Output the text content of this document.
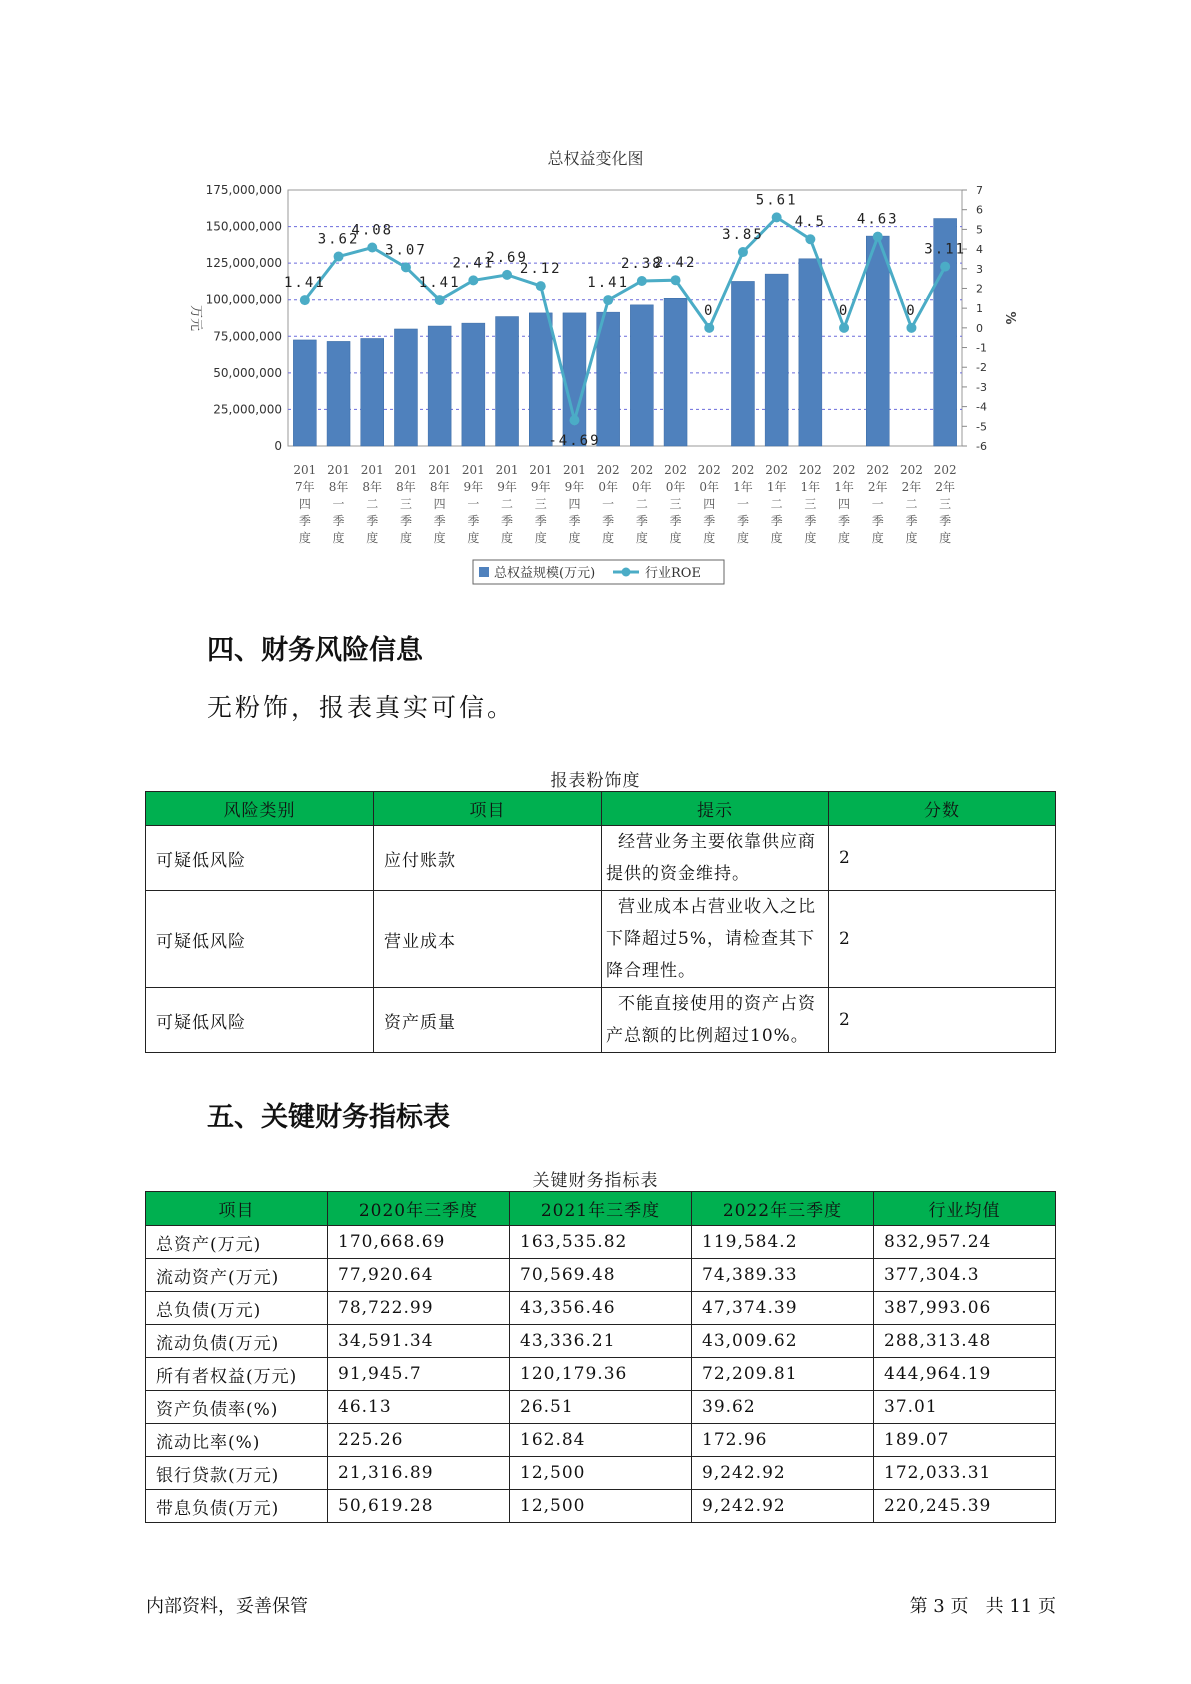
总权益变化图
175,000,000
150,000,000
125,000,000
100,000,000
75,000,000
50,000,000
25,000,000
0
7
6
5
4
3
2
1
0
-1
-2
-3
-4
-5
-6
万元	%
1.41
3.62
4.08
3.07
1.41
2.41
2.69
2.12
-4.69
1.41
2.38
2.42
0
3.85
5.61
4.5
0
4.63
0
3.11
201
7年
四
季
度
201
8年
一
季
度
201
8年
二
季
度
201
8年
三
季
度
201
8年
四
季
度
201
9年
一
季
度
201
9年
二
季
度
201
9年
三
季
度
201
9年
四
季
度
202
0年
一
季
度
202
0年
二
季
度
202
0年
三
季
度
202
0年
四
季
度
202
1年
一
季
度
202
1年
二
季
度
202
1年
三
季
度
202
1年
四
季
度
202
2年
一
季
度
202
2年
二
季
度
202
2年
三
季
度
总权益规模(万元)	行业ROE
四、财务风险信息

无粉饰，报表真实可信。

报表粉饰度
风险类别	项目	提示	分数
可疑低风险	应付账款	经营业务主要依靠供应商提供的资金维持。	2
可疑低风险	营业成本	营业成本占营业收入之比下降超过5%，请检查其下降合理性。	2
可疑低风险	资产质量	不能直接使用的资产占资产总额的比例超过10%。	2
五、关键财务指标表
关键财务指标表
项目	2020年三季度	2021年三季度	2022年三季度	行业均值
总资产(万元)	170,668.69	163,535.82	119,584.2	832,957.24
流动资产(万元)	77,920.64	70,569.48	74,389.33	377,304.3
总负债(万元)	78,722.99	43,356.46	47,374.39	387,993.06
流动负债(万元)	34,591.34	43,336.21	43,009.62	288,313.48
所有者权益(万元)	91,945.7	120,179.36	72,209.81	444,964.19
资产负债率(%)	46.13	26.51	39.62	37.01
流动比率(%)	225.26	162.84	172.96	189.07
银行贷款(万元)	21,316.89	12,500	9,242.92	172,033.31
带息负债(万元)	50,619.28	12,500	9,242.92	220,245.39
内部资料，妥善保管	第 3 页   共 11 页
